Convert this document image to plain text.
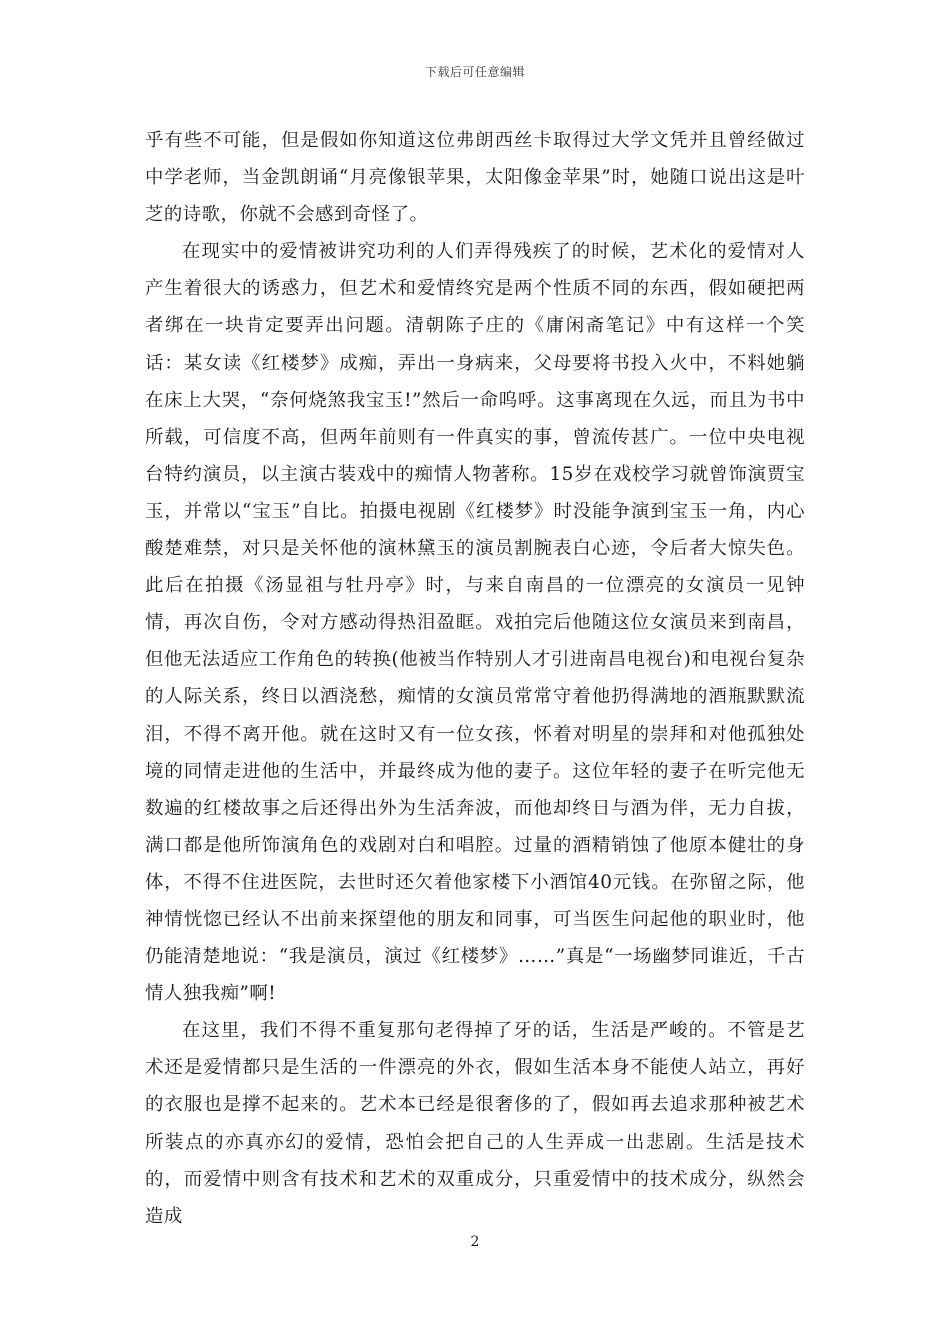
下载后可任意编辑

乎有些不可能，但是假如你知道这位弗朗西丝卡取得过大学文凭并且曾经做过中学老师，当金凯朗诵“月亮像银苹果，太阳像金苹果”时，她随口说出这是叶芝的诗歌，你就不会感到奇怪了。

在现实中的爱情被讲究功利的人们弄得残疾了的时候，艺术化的爱情对人产生着很大的诱惑力，但艺术和爱情终究是两个性质不同的东西，假如硬把两者绑在一块肯定要弄出问题。清朝陈子庄的《庸闲斋笔记》中有这样一个笑话：某女读《红楼梦》成痴，弄出一身病来，父母要将书投入火中，不料她躺在床上大哭，“奈何烧煞我宝玉!”然后一命呜呼。这事离现在久远，而且为书中所载，可信度不高，但两年前则有一件真实的事，曾流传甚广。一位中央电视台特约演员，以主演古装戏中的痴情人物著称。15岁在戏校学习就曾饰演贾宝玉，并常以“宝玉”自比。拍摄电视剧《红楼梦》时没能争演到宝玉一角，内心酸楚难禁，对只是关怀他的演林黛玉的演员割腕表白心迹，令后者大惊失色。此后在拍摄《汤显祖与牡丹亭》时，与来自南昌的一位漂亮的女演员一见钟情，再次自伤，令对方感动得热泪盈眶。戏拍完后他随这位女演员来到南昌，但他无法适应工作角色的转换(他被当作特别人才引进南昌电视台)和电视台复杂的人际关系，终日以酒浇愁，痴情的女演员常常守着他扔得满地的酒瓶默默流泪，不得不离开他。就在这时又有一位女孩，怀着对明星的崇拜和对他孤独处境的同情走进他的生活中，并最终成为他的妻子。这位年轻的妻子在听完他无数遍的红楼故事之后还得出外为生活奔波，而他却终日与酒为伴，无力自拔，满口都是他所饰演角色的戏剧对白和唱腔。过量的酒精销蚀了他原本健壮的身体，不得不住进医院，去世时还欠着他家楼下小酒馆40元钱。在弥留之际，他神情恍惚已经认不出前来探望他的朋友和同事，可当医生问起他的职业时，他仍能清楚地说：“我是演员，演过《红楼梦》……”真是“一场幽梦同谁近，千古情人独我痴”啊!

在这里，我们不得不重复那句老得掉了牙的话，生活是严峻的。不管是艺术还是爱情都只是生活的一件漂亮的外衣，假如生活本身不能使人站立，再好的衣服也是撑不起来的。艺术本已经是很奢侈的了，假如再去追求那种被艺术所装点的亦真亦幻的爱情，恐怕会把自己的人生弄成一出悲剧。生活是技术的，而爱情中则含有技术和艺术的双重成分，只重爱情中的技术成分，纵然会造成

2
